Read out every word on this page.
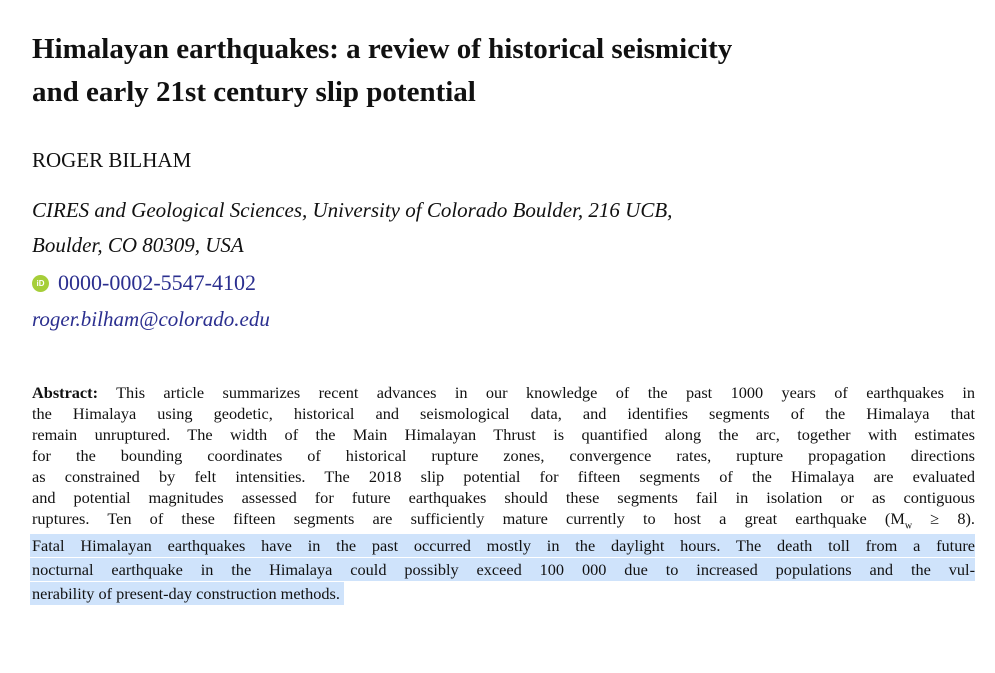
Himalayan earthquakes: a review of historical seismicity
and early 21st century slip potential
ROGER BILHAM
CIRES and Geological Sciences, University of Colorado Boulder, 216 UCB,
Boulder, CO 80309, USA
iD 0000-0002-5547-4102
roger.bilham@colorado.edu
Abstract: This article summarizes recent advances in our knowledge of the past 1000 years of earthquakes in
the Himalaya using geodetic, historical and seismological data, and identifies segments of the Himalaya that
remain unruptured. The width of the Main Himalayan Thrust is quantified along the arc, together with estimates
for the bounding coordinates of historical rupture zones, convergence rates, rupture propagation directions
as constrained by felt intensities. The 2018 slip potential for fifteen segments of the Himalaya are evaluated
and potential magnitudes assessed for future earthquakes should these segments fail in isolation or as contiguous
ruptures. Ten of these fifteen segments are sufficiently mature currently to host a great earthquake $(M_w \ge 8)$.
Fatal Himalayan earthquakes have in the past occurred mostly in the daylight hours. The death toll from a future
nocturnal earthquake in the Himalaya could possibly exceed 100 000 due to increased populations and the vul-
nerability of present-day construction methods.
